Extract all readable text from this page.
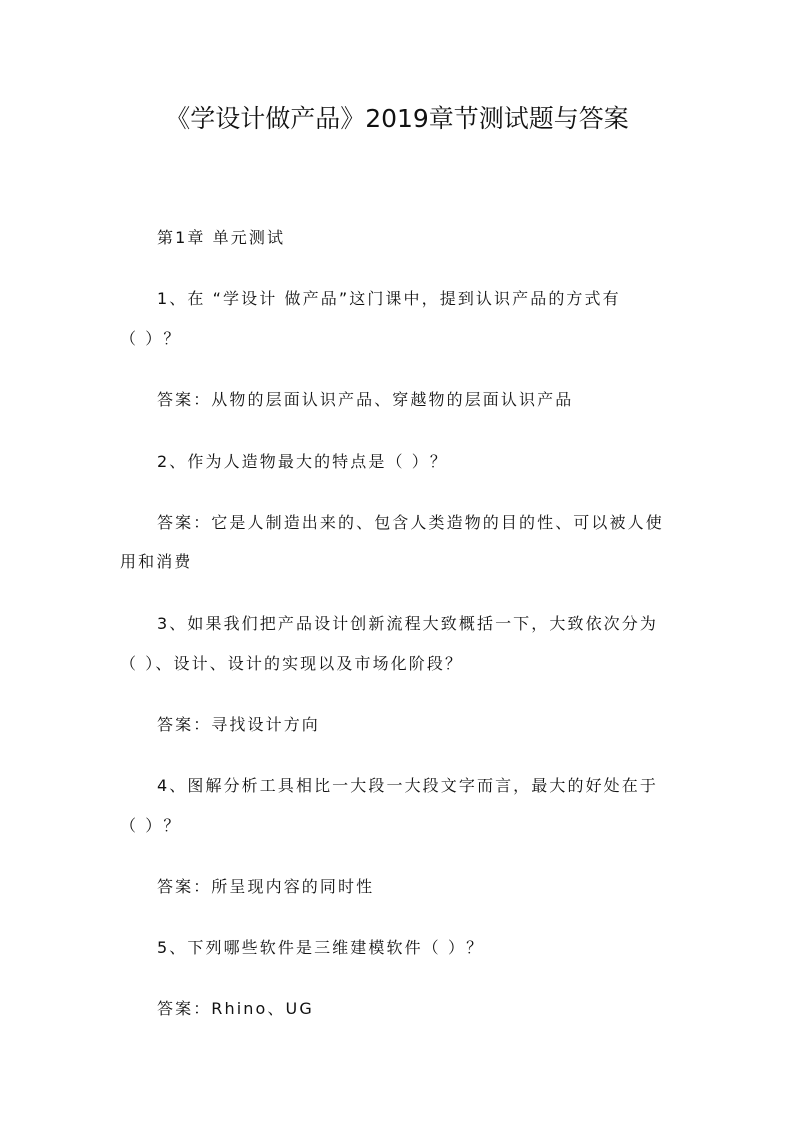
《学设计做产品》2019章节测试题与答案
第1章 单元测试
1、在 “学设计 做产品”这门课中，提到认识产品的方式有
（ ）？
答案：从物的层面认识产品、穿越物的层面认识产品
2、作为人造物最大的特点是（ ）？
答案：它是人制造出来的、包含人类造物的目的性、可以被人使
用和消费
3、如果我们把产品设计创新流程大致概括一下，大致依次分为
（ ）、设计、设计的实现以及市场化阶段？
答案：寻找设计方向
4、图解分析工具相比一大段一大段文字而言，最大的好处在于
（ ）？
答案：所呈现内容的同时性
5、下列哪些软件是三维建模软件（ ）？
答案：Rhino、UG
